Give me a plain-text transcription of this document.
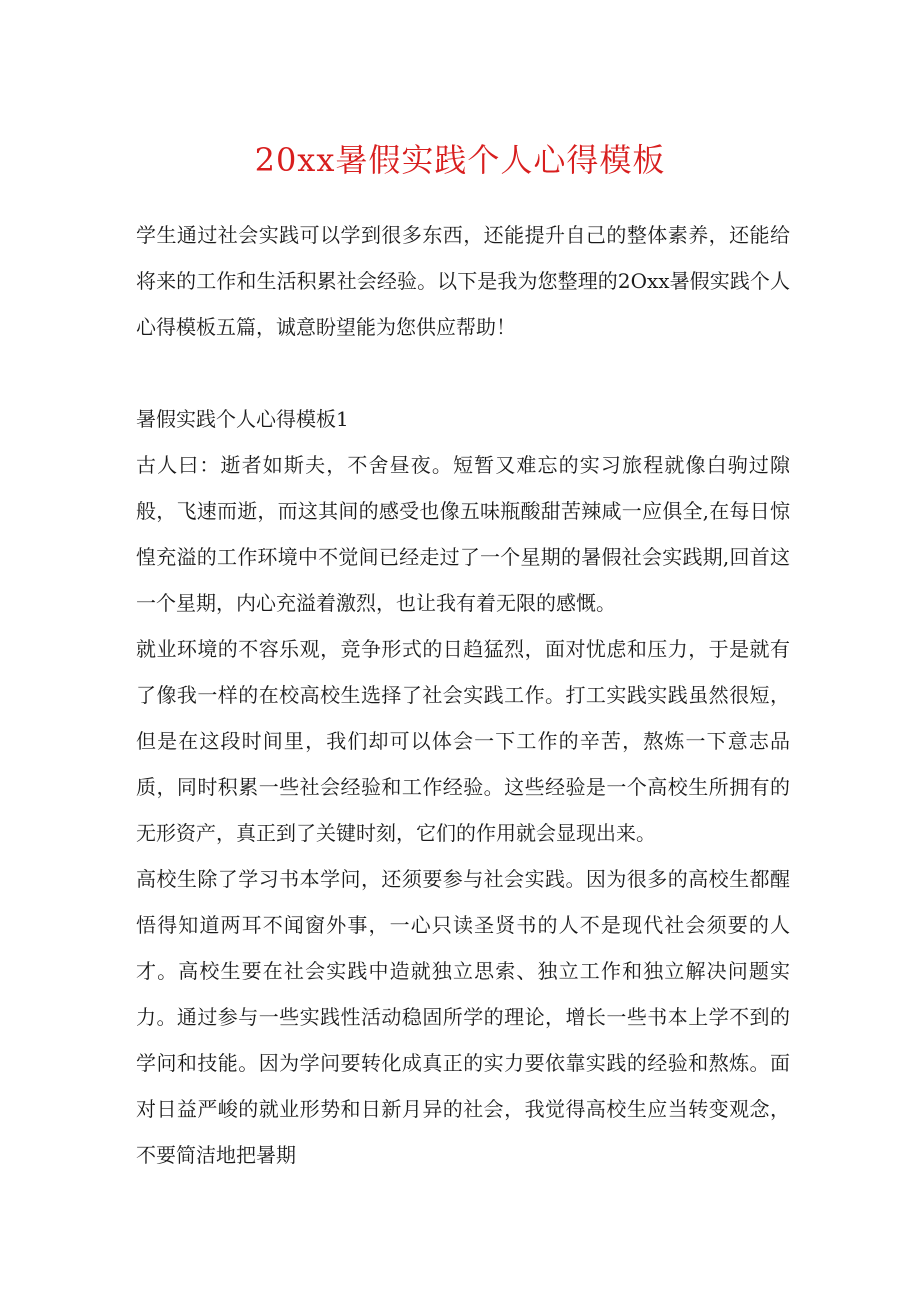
20xx暑假实践个人心得模板

学生通过社会实践可以学到很多东西，还能提升自己的整体素养，还能给将来的工作和生活积累社会经验。以下是我为您整理的2Oxx暑假实践个人心得模板五篇，诚意盼望能为您供应帮助！

暑假实践个人心得模板1

古人曰：逝者如斯夫，不舍昼夜。短暂又难忘的实习旅程就像白驹过隙般，飞速而逝，而这其间的感受也像五味瓶酸甜苦辣咸一应俱全,在每日惊惶充溢的工作环境中不觉间已经走过了一个星期的暑假社会实践期,回首这一个星期，内心充溢着激烈，也让我有着无限的感慨。

就业环境的不容乐观，竞争形式的日趋猛烈，面对忧虑和压力，于是就有了像我一样的在校高校生选择了社会实践工作。打工实践实践虽然很短，但是在这段时间里，我们却可以体会一下工作的辛苦，熬炼一下意志品质，同时积累一些社会经验和工作经验。这些经验是一个高校生所拥有的无形资产，真正到了关键时刻，它们的作用就会显现出来。

高校生除了学习书本学问，还须要参与社会实践。因为很多的高校生都醒悟得知道两耳不闻窗外事，一心只读圣贤书的人不是现代社会须要的人才。高校生要在社会实践中造就独立思索、独立工作和独立解决问题实力。通过参与一些实践性活动稳固所学的理论，增长一些书本上学不到的学问和技能。因为学问要转化成真正的实力要依靠实践的经验和熬炼。面对日益严峻的就业形势和日新月异的社会，我觉得高校生应当转变观念，不要简洁地把暑期
